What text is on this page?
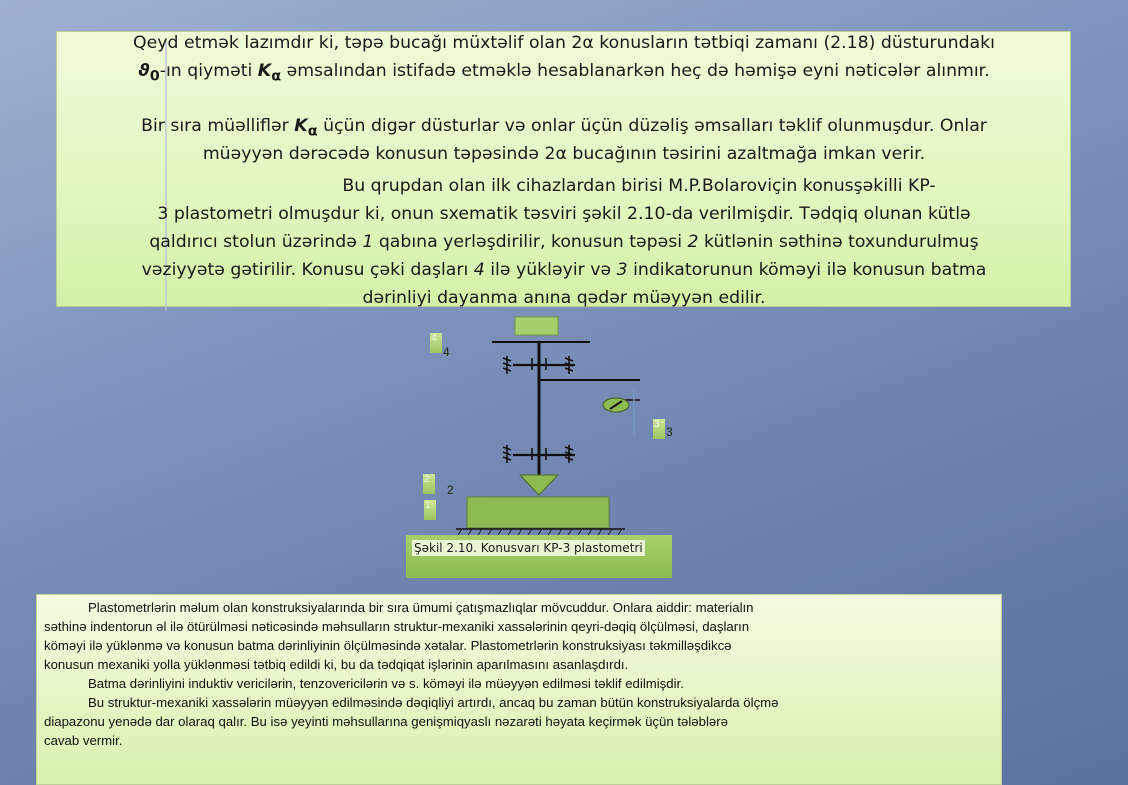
Qeyd etmək lazımdır ki, təpə bucağı müxtəlif olan 2α konusların tətbiqi zamanı (2.18) düsturundakı
$ϑ_0-ın$ qiyməti $K_\alpha$ əmsalından istifadə etməklə hesablanarkən heç də həmişə eyni nəticələr alınmır.
Bir sıra müəlliflər $K_\alpha$ üçün digər düsturlar və onlar üçün düzəliş əmsalları təklif olunmuşdur. Onlar
müəyyən dərəcədə konusun təpəsində 2α bucağının təsirini azaltmağa imkan verir.
Bu qrupdan olan ilk cihazlardan birisi M.P.Bolaroviçin konusşəkilli KP-
3 plastometri olmuşdur ki, onun sxematik təsviri şəkil 2.10-da verilmişdir. Tədqiq olunan kütlə
qaldırıcı stolun üzərində 1 qabına yerləşdirilir, konusun təpəsi 2 kütlənin səthinə toxundurulmuş
vəziyyətə gətirilir. Konusu çəki daşları 4 ilə yükləyir və 3 indikatorunun köməyi ilə konusun batma
dərinliyi dayanma anına qədər müəyyən edilir.
4
4
3
3
2
2
1
Şəkil 2.10. Konusvarı KP-3 plastometri
Plastometrlərin məlum olan konstruksiyalarında bir sıra ümumi çatışmazlıqlar mövcuddur. Onlara aiddir: materialın
səthinə indentorun əl ilə ötürülməsi nəticəsində məhsulların struktur-mexaniki xassələrinin qeyri-dəqiq ölçülməsi, daşların
köməyi ilə yüklənmə və konusun batma dərinliyinin ölçülməsində xətalar. Plastometrlərin konstruksiyası təkmilləşdikcə
konusun mexaniki yolla yüklənməsi tətbiq edildi ki, bu da tədqiqat işlərinin aparılmasını asanlaşdırdı.
Batma dərinliyini induktiv vericilərin, tenzovericilərin və s. köməyi ilə müəyyən edilməsi təklif edilmişdir.
Bu struktur-mexaniki xassələrin müəyyən edilməsində dəqiqliyi artırdı, ancaq bu zaman bütün konstruksiyalarda ölçmə
diapazonu yenədə dar olaraq qalır. Bu isə yeyinti məhsullarına genişmiqyaslı nəzarəti həyata keçirmək üçün tələblərə
cavab vermir.
